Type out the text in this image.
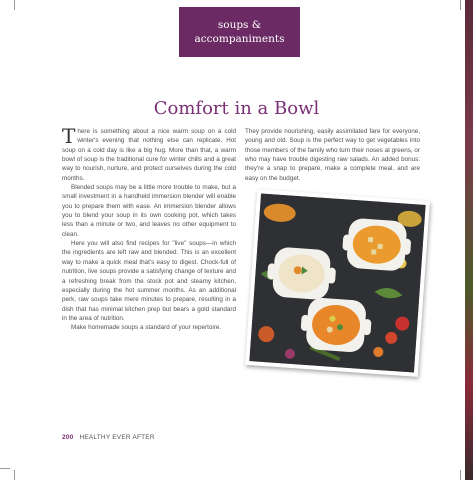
soups &
accompaniments
Comfort in a Bowl

There is something about a nice warm soup on a cold winter's evening that nothing else can replicate. Hot soup on a cold day is like a big hug. More than that, a warm bowl of soup is the traditional cure for winter chills and a great way to nourish, nurture, and protect ourselves during the cold months.

Blended soups may be a little more trouble to make, but a small investment in a handheld immersion blender will enable you to prepare them with ease. An immersion blender allows you to blend your soup in its own cooking pot, which takes less than a minute or two, and leaves no other equipment to clean.

Here you will also find recipes for "live" soups—in which the ingredients are left raw and blended. This is an excellent way to make a quick meal that's easy to digest. Chock-full of nutrition, live soups provide a satisfying change of texture and a refreshing break from the stock pot and steamy kitchen, especially during the hot summer months. As an additional perk, raw soups take mere minutes to prepare, resulting in a dish that has minimal kitchen prep but bears a gold standard in the area of nutrition.

Make homemade soups a standard of your repertoire.

They provide nourishing, easily assimilated fare for everyone, young and old. Soup is the perfect way to get vegetables into those members of the family who turn their noses at greens, or who may have trouble digesting raw salads. An added bonus: they're a snap to prepare, make a complete meal, and are easy on the budget.

200 HEALTHY EVER AFTER
